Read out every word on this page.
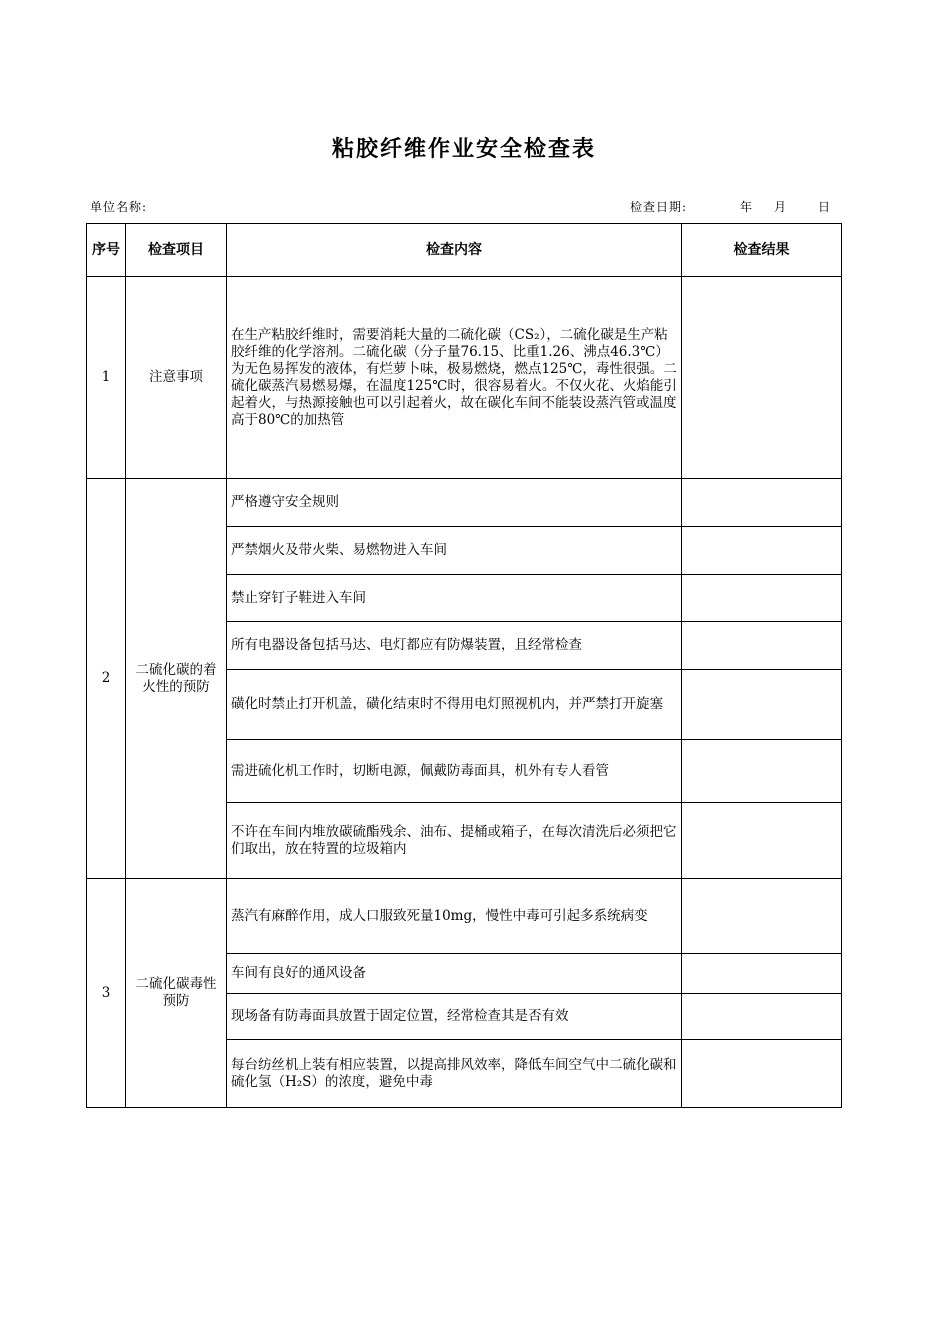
粘胶纤维作业安全检查表
单位名称:	检查日期:	年 月	日
序号	检查项目	检查内容	检查结果
1	注意事项	在生产粘胶纤维时，需要消耗大量的二硫化碳（CS₂），二硫化碳是生产粘胶纤维的化学溶剂。二硫化碳（分子量76.15、比重1.26、沸点46.3℃）为无色易挥发的液体，有烂萝卜味，极易燃烧，燃点125℃，毒性很强。二硫化碳蒸汽易燃易爆，在温度125℃时，很容易着火。不仅火花、火焰能引起着火，与热源接触也可以引起着火，故在碳化车间不能装设蒸汽管或温度高于80℃的加热管	
2	二硫化碳的着火性的预防	严格遵守安全规则	
		严禁烟火及带火柴、易燃物进入车间	
		禁止穿钉子鞋进入车间	
		所有电器设备包括马达、电灯都应有防爆装置，且经常检查	
		磺化时禁止打开机盖，磺化结束时不得用电灯照视机内，并严禁打开旋塞	
		需进硫化机工作时，切断电源，佩戴防毒面具，机外有专人看管	
		不许在车间内堆放碳硫酯残余、油布、提桶或箱子，在每次清洗后必须把它们取出，放在特置的垃圾箱内	
3	二硫化碳毒性预防	蒸汽有麻醉作用，成人口服致死量10mg，慢性中毒可引起多系统病变	
		车间有良好的通风设备	
		现场备有防毒面具放置于固定位置，经常检查其是否有效	
		每台纺丝机上装有相应装置，以提高排风效率，降低车间空气中二硫化碳和硫化氢（H₂S）的浓度，避免中毒	
